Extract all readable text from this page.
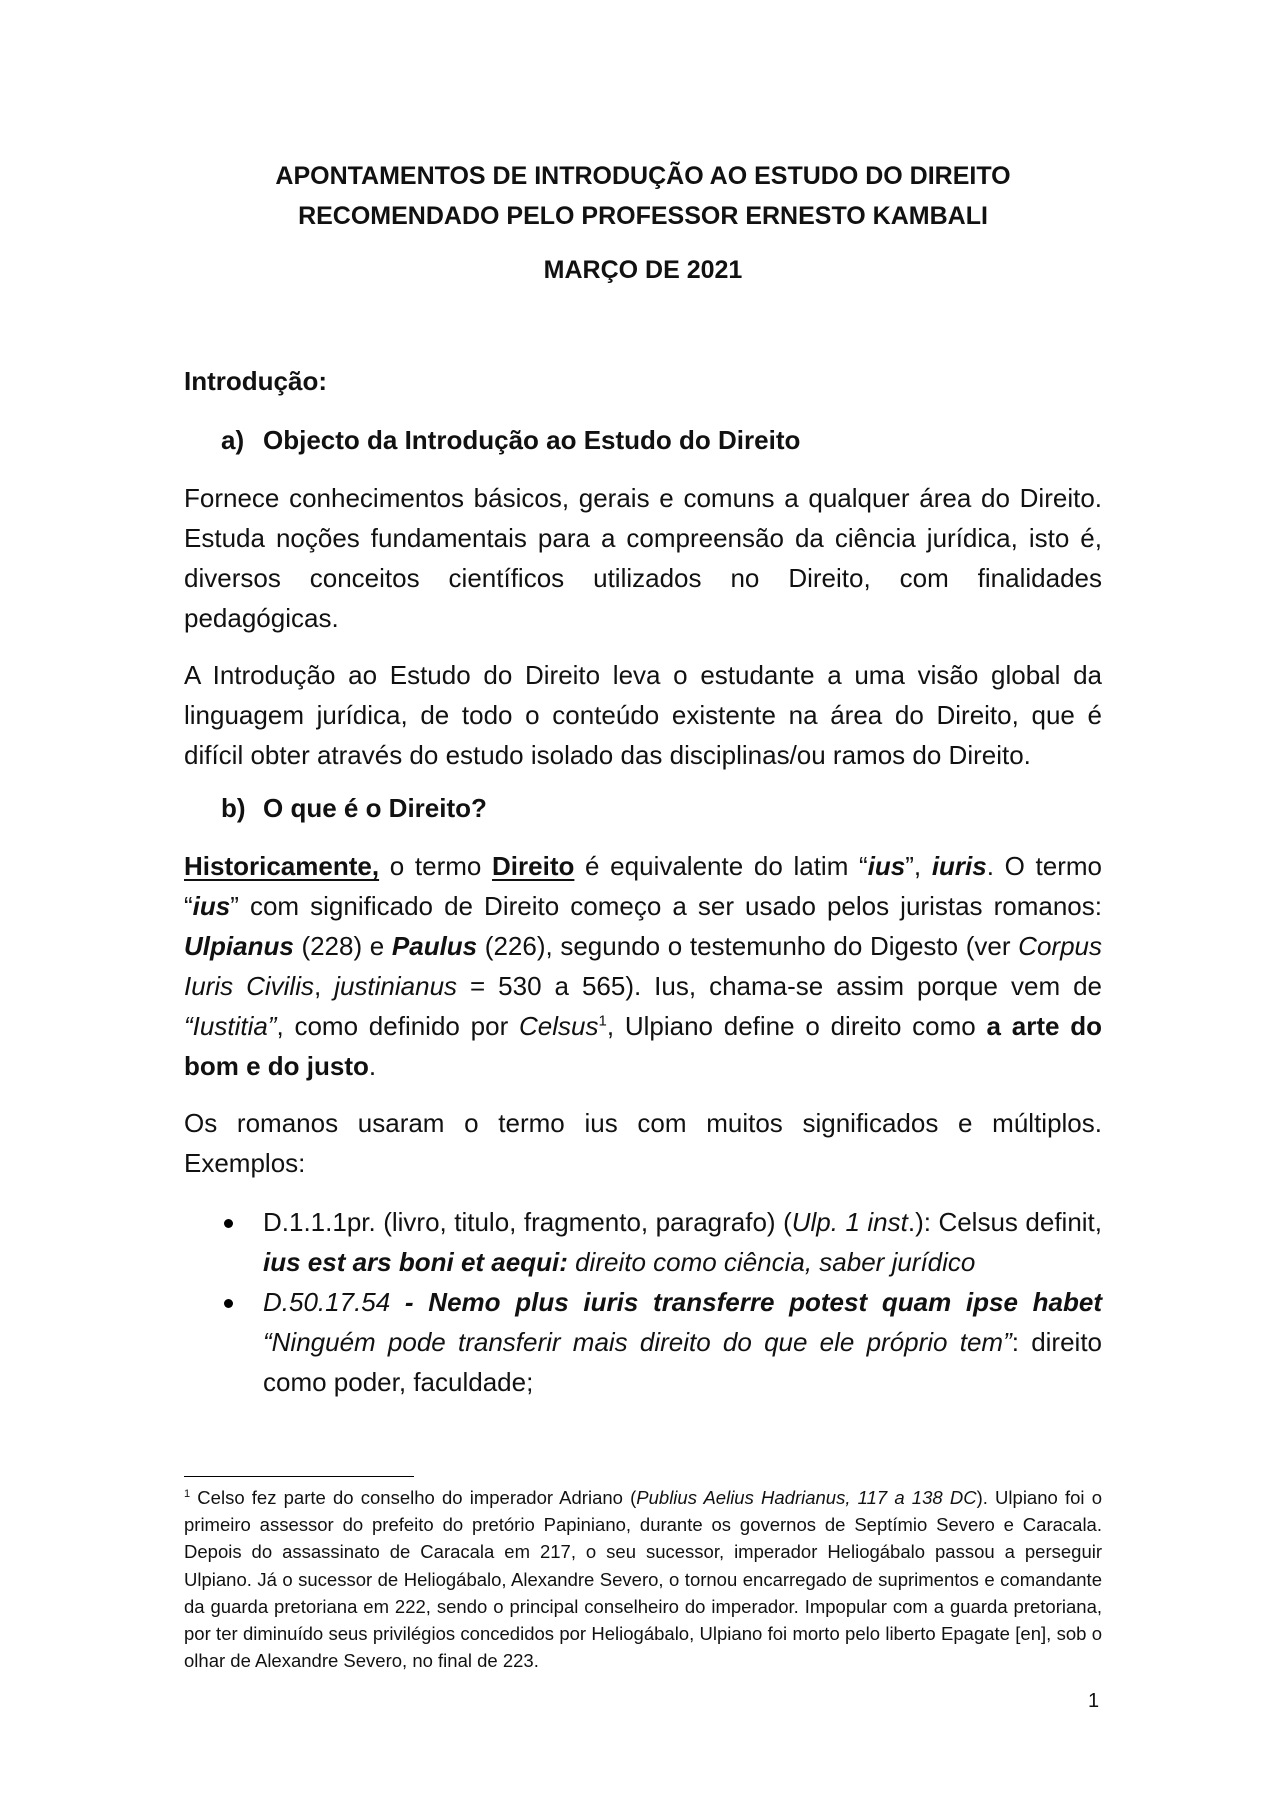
APONTAMENTOS DE INTRODUÇÃO AO ESTUDO DO DIREITO
RECOMENDADO PELO PROFESSOR ERNESTO KAMBALI
MARÇO DE 2021
Introdução:
a) Objecto da Introdução ao Estudo do Direito

Fornece conhecimentos básicos, gerais e comuns a qualquer área do Direito. Estuda noções fundamentais para a compreensão da ciência jurídica, isto é, diversos conceitos científicos utilizados no Direito, com finalidades pedagógicas.

A Introdução ao Estudo do Direito leva o estudante a uma visão global da linguagem jurídica, de todo o conteúdo existente na área do Direito, que é difícil obter através do estudo isolado das disciplinas/ou ramos do Direito.

b) O que é o Direito?

Historicamente, o termo Direito é equivalente do latim “ius”, iuris. O termo “ius” com significado de Direito começo a ser usado pelos juristas romanos: Ulpianus (228) e Paulus (226), segundo o testemunho do Digesto (ver Corpus Iuris Civilis, justinianus = 530 a 565). Ius, chama-se assim porque vem de “Iustitia”, como definido por Celsus$^1$, Ulpiano define o direito como a arte do bom e do justo.

Os romanos usaram o termo ius com muitos significados e múltiplos. Exemplos:

D.1.1.1pr. (livro, titulo, fragmento, paragrafo) (Ulp. 1 inst.): Celsus definit, ius est ars boni et aequi: direito como ciência, saber jurídico

D.50.17.54 - Nemo plus iuris transferre potest quam ipse habet “Ninguém pode transferir mais direito do que ele próprio tem”: direito como poder, faculdade;

$^1$ Celso fez parte do conselho do imperador Adriano (Publius Aelius Hadrianus, 117 a 138 DC). Ulpiano foi o primeiro assessor do prefeito do pretório Papiniano, durante os governos de Septímio Severo e Caracala. Depois do assassinato de Caracala em 217, o seu sucessor, imperador Heliogábalo passou a perseguir Ulpiano. Já o sucessor de Heliogábalo, Alexandre Severo, o tornou encarregado de suprimentos e comandante da guarda pretoriana em 222, sendo o principal conselheiro do imperador. Impopular com a guarda pretoriana, por ter diminuído seus privilégios concedidos por Heliogábalo, Ulpiano foi morto pelo liberto Epagate [en], sob o olhar de Alexandre Severo, no final de 223.

1
